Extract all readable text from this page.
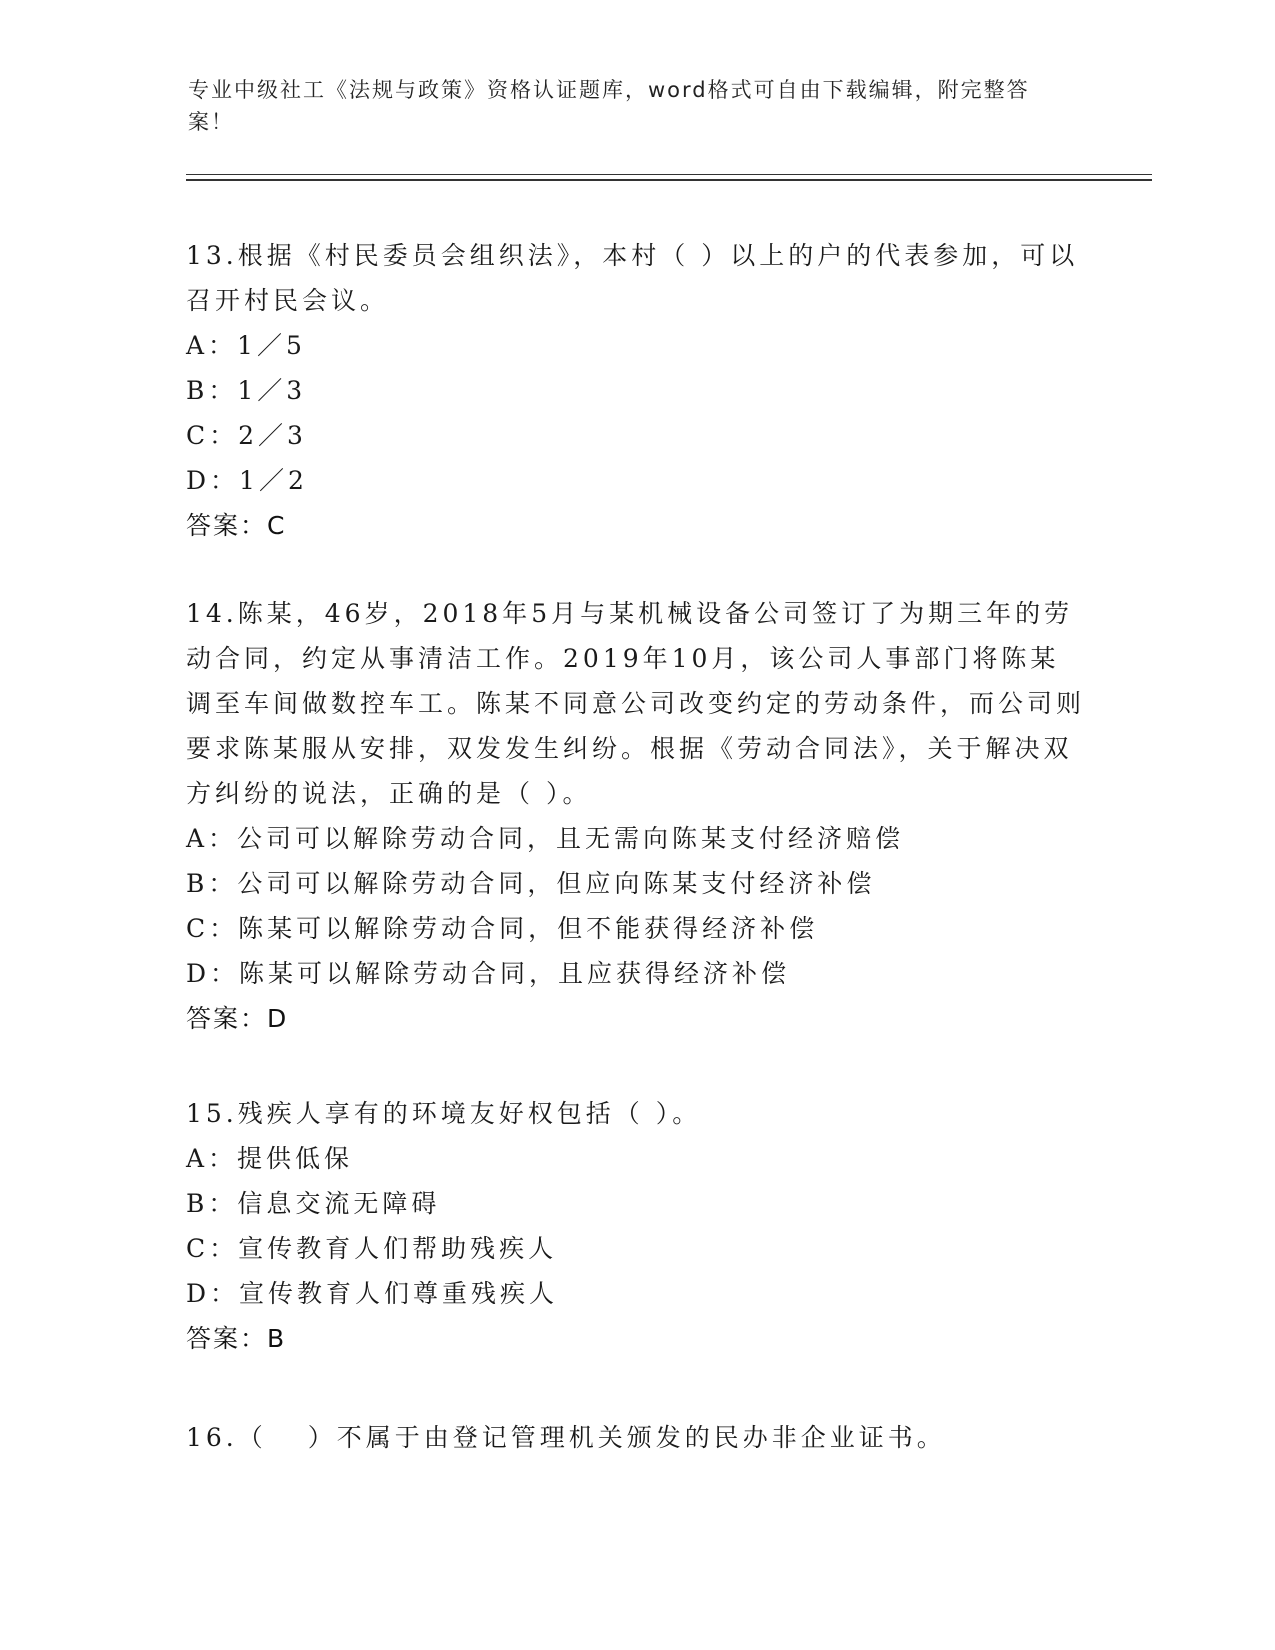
专业中级社工《法规与政策》资格认证题库，word格式可自由下载编辑，附完整答案！

13.根据《村民委员会组织法》，本村（ ）以上的户的代表参加，可以召开村民会议。

A：1／5

B：1／3

C：2／3

D：1／2

答案：C

14.陈某，46岁，2018年5月与某机械设备公司签订了为期三年的劳动合同，约定从事清洁工作。2019年10月，该公司人事部门将陈某调至车间做数控车工。陈某不同意公司改变约定的劳动条件，而公司则要求陈某服从安排，双发发生纠纷。根据《劳动合同法》，关于解决双方纠纷的说法，正确的是（ ）。

A：公司可以解除劳动合同，且无需向陈某支付经济赔偿

B：公司可以解除劳动合同，但应向陈某支付经济补偿

C：陈某可以解除劳动合同，但不能获得经济补偿

D：陈某可以解除劳动合同，且应获得经济补偿

答案：D

15.残疾人享有的环境友好权包括（ ）。

A：提供低保

B：信息交流无障碍

C：宣传教育人们帮助残疾人

D：宣传教育人们尊重残疾人

答案：B

16.（　 ）不属于由登记管理机关颁发的民办非企业证书。
